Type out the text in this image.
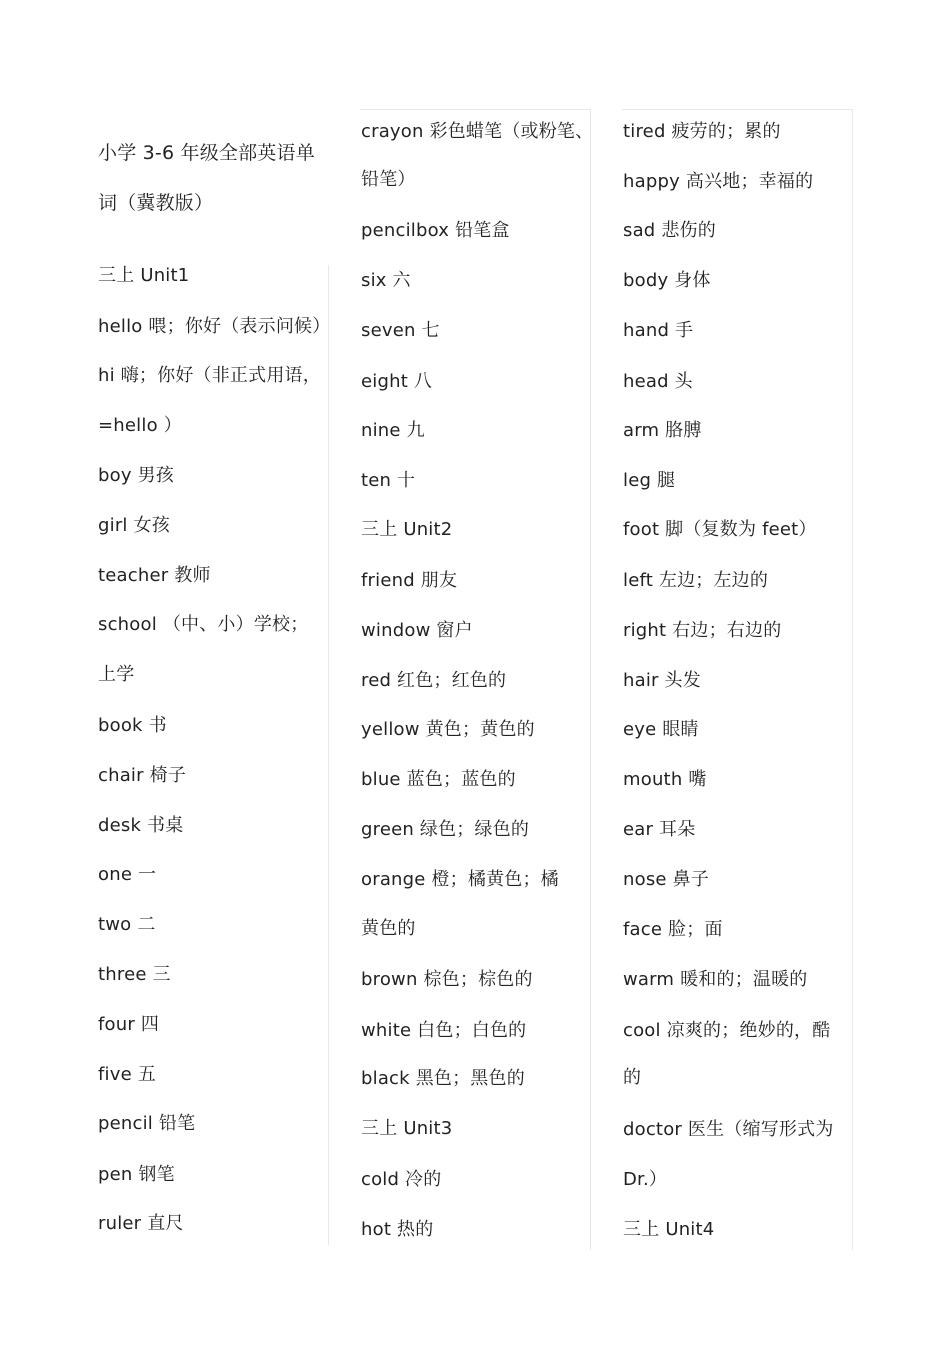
小学 3-6 年级全部英语单
词（冀教版）
三上 Unit1
hello 喂；你好（表示问候）
hi 嗨；你好（非正式用语，
=hello ）
boy 男孩
girl 女孩
teacher 教师
school （中、小）学校；
上学
book 书
chair 椅子
desk 书桌
one 一
two 二
three 三
four 四
five 五
pencil 铅笔
pen 钢笔
ruler 直尺
crayon 彩色蜡笔（或粉笔、
铅笔）
pencilbox 铅笔盒
six 六
seven 七
eight 八
nine 九
ten 十
三上 Unit2
friend 朋友
window 窗户
red 红色；红色的
yellow 黄色；黄色的
blue 蓝色；蓝色的
green 绿色；绿色的
orange 橙；橘黄色；橘
黄色的
brown 棕色；棕色的
white 白色；白色的
black 黑色；黑色的
三上 Unit3
cold 冷的
hot 热的
tired 疲劳的；累的
happy 高兴地；幸福的
sad 悲伤的
body 身体
hand 手
head 头
arm 胳膊
leg 腿
foot 脚（复数为 feet）
left 左边；左边的
right 右边；右边的
hair 头发
eye 眼睛
mouth 嘴
ear 耳朵
nose 鼻子
face 脸；面
warm 暖和的；温暖的
cool 凉爽的；绝妙的，酷
的
doctor 医生（缩写形式为
Dr.）
三上 Unit4
